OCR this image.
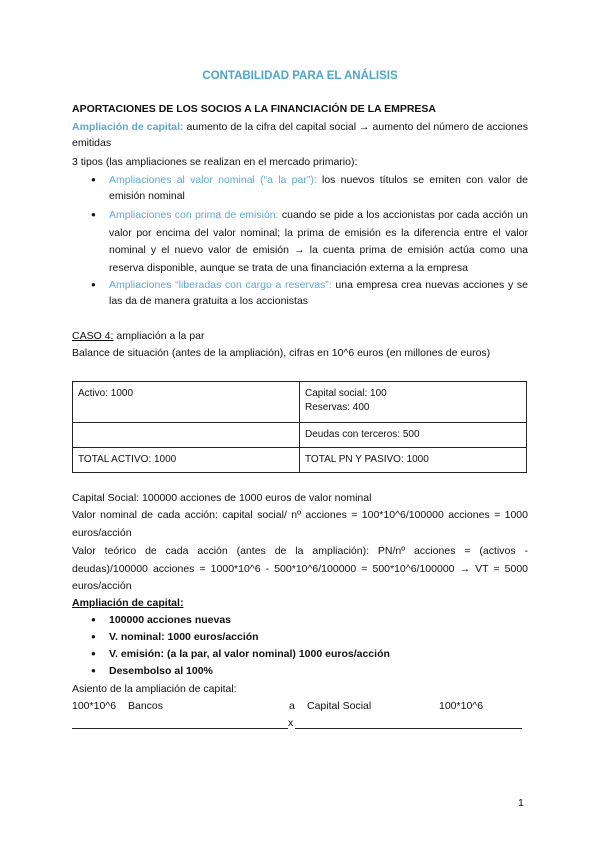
CONTABILIDAD PARA EL ANÁLISIS
APORTACIONES DE LOS SOCIOS A LA FINANCIACIÓN DE LA EMPRESA
Ampliación de capital: aumento de la cifra del capital social → aumento del número de acciones emitidas
3 tipos (las ampliaciones se realizan en el mercado primario):
● Ampliaciones al valor nominal (“a la par”): los nuevos títulos se emiten con valor de emisión nominal
● Ampliaciones con prima de emisión: cuando se pide a los accionistas por cada acción un valor por encima del valor nominal; la prima de emisión es la diferencia entre el valor nominal y el nuevo valor de emisión → la cuenta prima de emisión actúa como una reserva disponible, aunque se trata de una financiación externa a la empresa
● Ampliaciones “liberadas con cargo a reservas”: una empresa crea nuevas acciones y se las da de manera gratuita a los accionistas
CASO 4: ampliación a la par
Balance de situación (antes de la ampliación), cifras en 10^6 euros (en millones de euros)
Activo: 1000	Capital social: 100
Reservas: 400

	Deudas con terceros: 500
TOTAL ACTIVO: 1000	TOTAL PN Y PASIVO: 1000
Capital Social: 100000 acciones de 1000 euros de valor nominal
Valor nominal de cada acción: capital social/ nº acciones = 100*10^6/100000 acciones = 1000 euros/acción
Valor teórico de cada acción (antes de la ampliación): PN/nº acciones = (activos - deudas)/100000 acciones = 1000*10^6 - 500*10^6/100000 = 500*10^6/100000 → VT = 5000 euros/acción
Ampliación de capital:
● 100000 acciones nuevas
● V. nominal: 1000 euros/acción
● V. emisión: (a la par, al valor nominal) 1000 euros/acción
● Desembolso al 100%
Asiento de la ampliación de capital:
100*10^6 Bancos	a Capital Social	100*10^6
x
1
